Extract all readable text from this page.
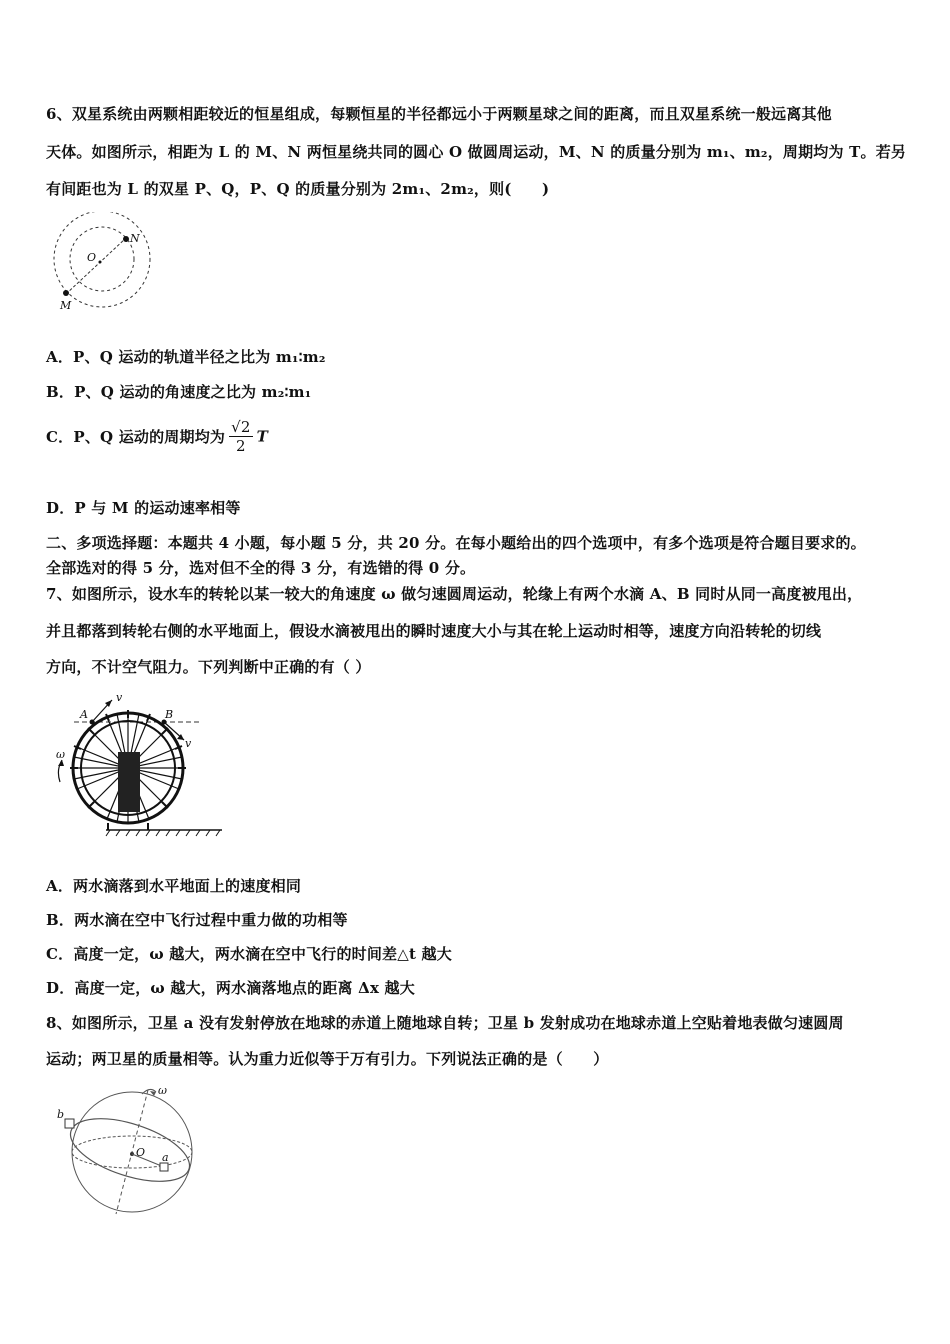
6、双星系统由两颗相距较近的恒星组成，每颗恒星的半径都远小于两颗星球之间的距离，而且双星系统一般远离其他
天体。如图所示，相距为 L 的 M、N 两恒星绕共同的圆心 O 做圆周运动，M、N 的质量分别为 m₁、m₂，周期均为 T。若另
有间距也为 L 的双星 P、Q，P、Q 的质量分别为 2m₁、2m₂，则(　　)
O
N
M
A．P、Q 运动的轨道半径之比为 m₁∶m₂
B．P、Q 运动的角速度之比为 m₂∶m₁
C．P、Q 运动的周期均为 $\frac{√2}{2}$ T
D．P 与 M 的运动速率相等
二、多项选择题：本题共 4 小题，每小题 5 分，共 20 分。在每小题给出的四个选项中，有多个选项是符合题目要求的。
全部选对的得 5 分，选对但不全的得 3 分，有选错的得 0 分。
7、如图所示，设水车的转轮以某一较大的角速度 ω 做匀速圆周运动，轮缘上有两个水滴 A、B 同时从同一高度被甩出，
并且都落到转轮右侧的水平地面上，假设水滴被甩出的瞬时速度大小与其在轮上运动时相等，速度方向沿转轮的切线
方向，不计空气阻力。下列判断中正确的有（ ）
A	B
v
v
ω
A．两水滴落到水平地面上的速度相同
B．两水滴在空中飞行过程中重力做的功相等
C．高度一定，ω 越大，两水滴在空中飞行的时间差△t 越大
D．高度一定，ω 越大，两水滴落地点的距离 Δx 越大
8、如图所示，卫星 a 没有发射停放在地球的赤道上随地球自转；卫星 b 发射成功在地球赤道上空贴着地表做匀速圆周
运动；两卫星的质量相等。认为重力近似等于万有引力。下列说法正确的是（　　）
b
a
O
ω
